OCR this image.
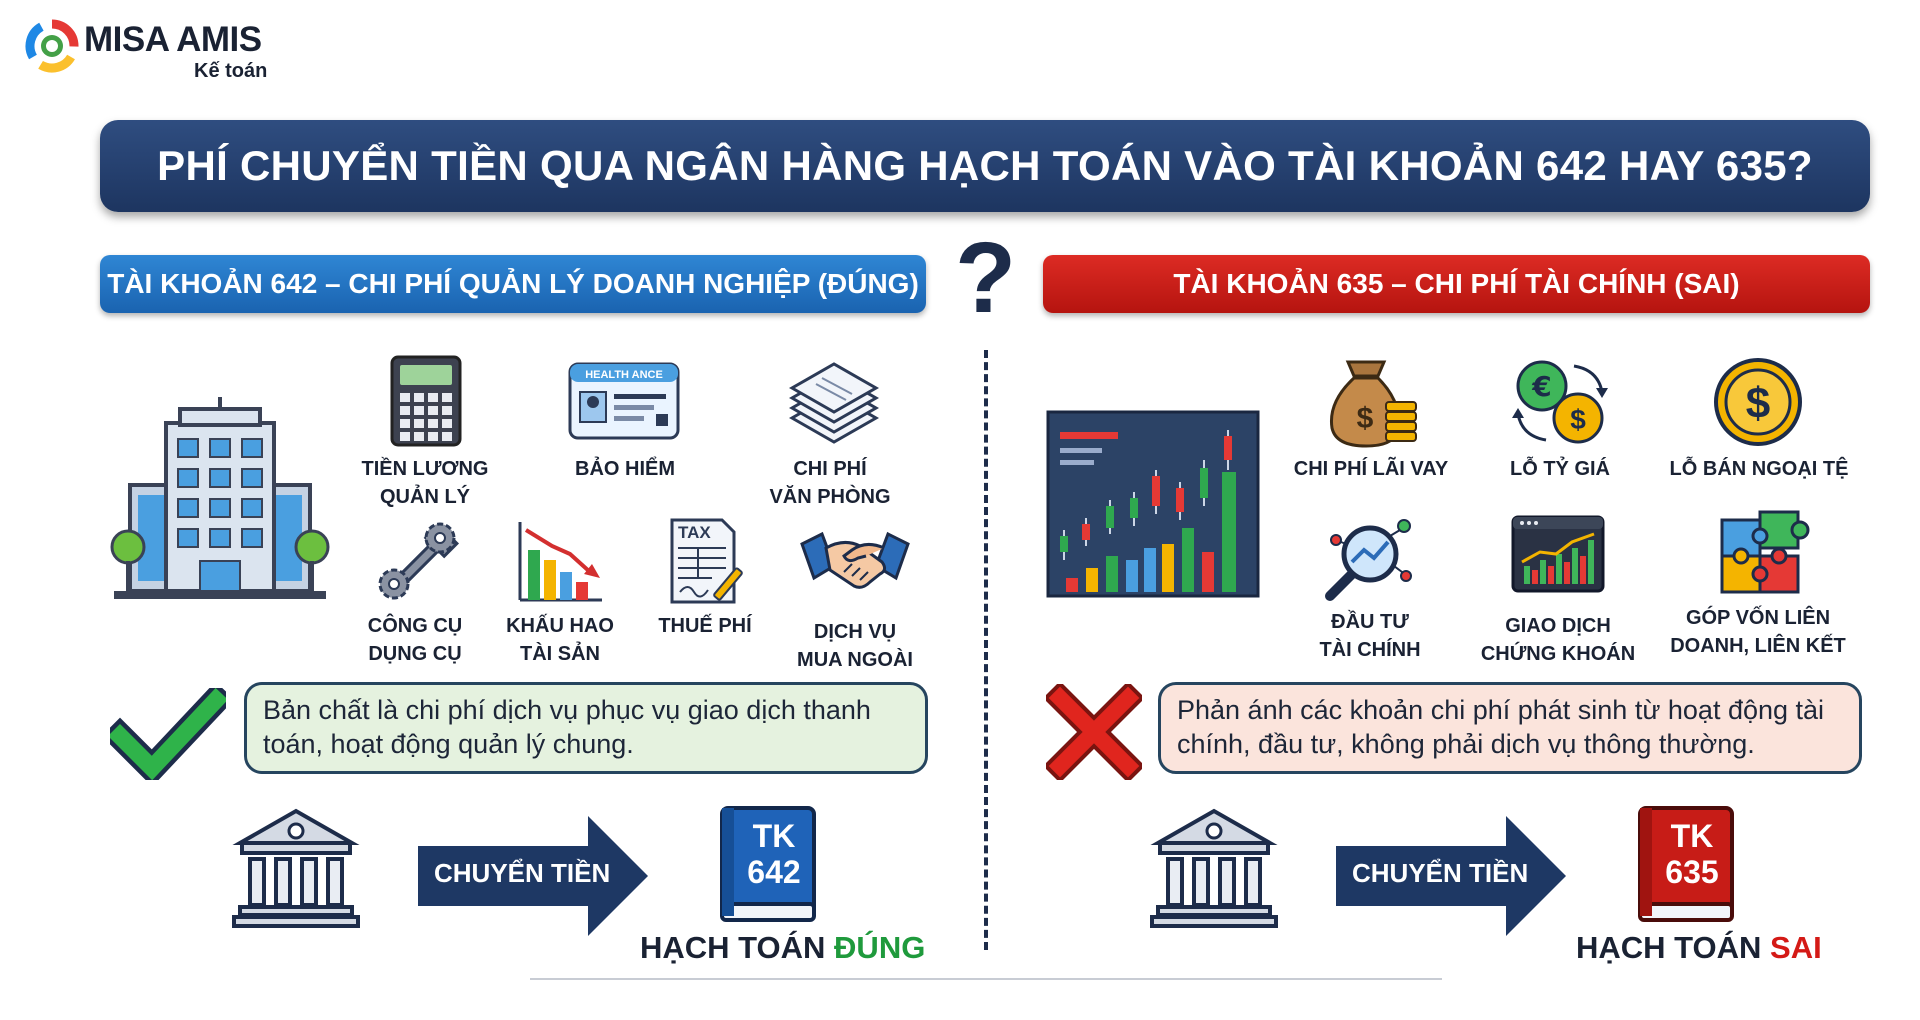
MISA AMIS
Kế toán
PHÍ CHUYỂN TIỀN QUA NGÂN HÀNG HẠCH TOÁN VÀO TÀI KHOẢN 642 HAY 635?
TÀI KHOẢN 642 – CHI PHÍ QUẢN LÝ DOANH NGHIỆP (ĐÚNG)	TÀI KHOẢN 635 – CHI PHÍ TÀI CHÍNH (SAI)
?
TIỀN LƯƠNG
QUẢN LÝ
HEALTH ANCE
BẢO HIỂM	CHI PHÍ
VĂN PHÒNG
CÔNG CỤ
DỤNG CỤ
KHẤU HAO
TÀI SẢN
TAX
THUẾ PHÍ	DỊCH VỤ
MUA NGOÀI
Bản chất là chi phí dịch vụ phục vụ giao dịch thanh toán, hoạt động quản lý chung.
CHUYỂN TIỀN
TK
642
HẠCH TOÁN ĐÚNG
$
CHI PHÍ LÃI VAY
€
$
LỖ TỶ GIÁ
$
LỖ BÁN NGOẠI TỆ
ĐẦU TƯ
TÀI CHÍNH
GIAO DỊCH
CHỨNG KHOÁN
GÓP VỐN LIÊN
DOANH, LIÊN KẾT
Phản ánh các khoản chi phí phát sinh từ hoạt động tài chính, đầu tư, không phải dịch vụ thông thường.
CHUYỂN TIỀN
TK
635
HẠCH TOÁN SAI
